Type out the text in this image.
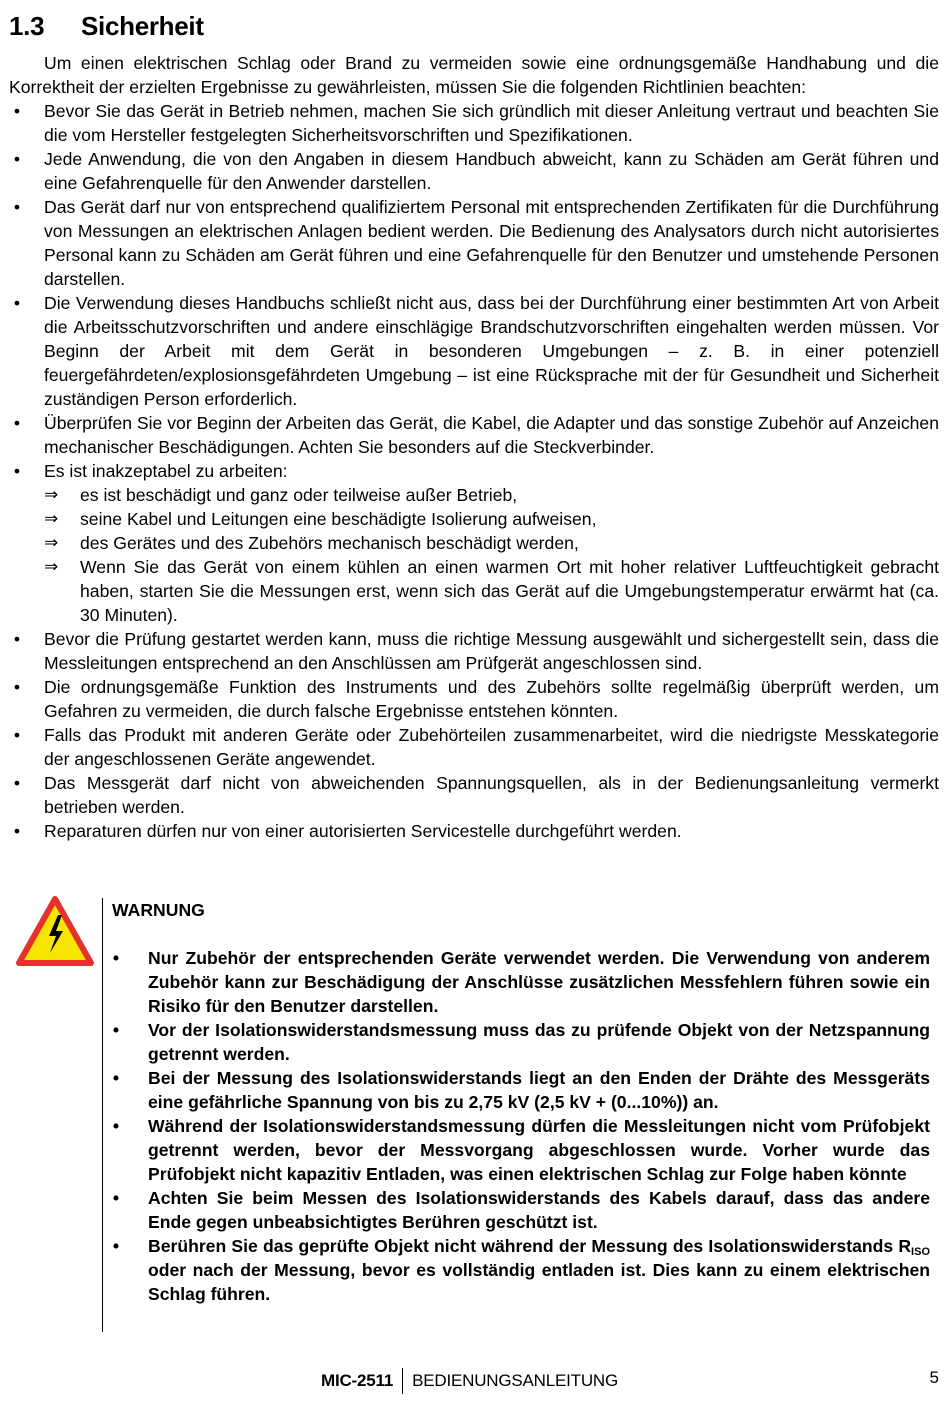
1.3 Sicherheit

Um einen elektrischen Schlag oder Brand zu vermeiden sowie eine ordnungsgemäße Handhabung und die Korrektheit der erzielten Ergebnisse zu gewährleisten, müssen Sie die folgenden Richtlinien beachten:

•	Bevor Sie das Gerät in Betrieb nehmen, machen Sie sich gründlich mit dieser Anleitung vertraut und beachten Sie die vom Hersteller festgelegten Sicherheitsvorschriften und Spezifikationen.
•	Jede Anwendung, die von den Angaben in diesem Handbuch abweicht, kann zu Schäden am Gerät führen und eine Gefahrenquelle für den Anwender darstellen.
•	Das Gerät darf nur von entsprechend qualifiziertem Personal mit entsprechenden Zertifikaten für die Durchführung von Messungen an elektrischen Anlagen bedient werden. Die Bedienung des Analysators durch nicht autorisiertes Personal kann zu Schäden am Gerät führen und eine Gefahrenquelle für den Benutzer und umstehende Personen darstellen.
•	Die Verwendung dieses Handbuchs schließt nicht aus, dass bei der Durchführung einer bestimmten Art von Arbeit die Arbeitsschutzvorschriften und andere einschlägige Brandschutzvorschriften eingehalten werden müssen. Vor Beginn der Arbeit mit dem Gerät in besonderen Umgebungen – z. B. in einer potenziell feuergefährdeten/explosionsgefährdeten Umgebung – ist eine Rücksprache mit der für Gesundheit und Sicherheit zuständigen Person erforderlich.
•	Überprüfen Sie vor Beginn der Arbeiten das Gerät, die Kabel, die Adapter und das sonstige Zubehör auf Anzeichen mechanischer Beschädigungen. Achten Sie besonders auf die Steckverbinder.
•	Es ist inakzeptabel zu arbeiten:
⇒	es ist beschädigt und ganz oder teilweise außer Betrieb,
⇒	seine Kabel und Leitungen eine beschädigte Isolierung aufweisen,
⇒	des Gerätes und des Zubehörs mechanisch beschädigt werden,
⇒	Wenn Sie das Gerät von einem kühlen an einen warmen Ort mit hoher relativer Luftfeuchtigkeit gebracht haben, starten Sie die Messungen erst, wenn sich das Gerät auf die Umgebungstemperatur erwärmt hat (ca. 30 Minuten).
•	Bevor die Prüfung gestartet werden kann, muss die richtige Messung ausgewählt und sichergestellt sein, dass die Messleitungen entsprechend an den Anschlüssen am Prüfgerät angeschlossen sind.
•	Die ordnungsgemäße Funktion des Instruments und des Zubehörs sollte regelmäßig überprüft werden, um Gefahren zu vermeiden, die durch falsche Ergebnisse entstehen könnten.
•	Falls das Produkt mit anderen Geräte oder Zubehörteilen zusammenarbeitet, wird die niedrigste Messkategorie der angeschlossenen Geräte angewendet.
•	Das Messgerät darf nicht von abweichenden Spannungsquellen, als in der Bedienungsanleitung vermerkt betrieben werden.
•	Reparaturen dürfen nur von einer autorisierten Servicestelle durchgeführt werden.

WARNUNG

•	Nur Zubehör der entsprechenden Geräte verwendet werden. Die Verwendung von anderem Zubehör kann zur Beschädigung der Anschlüsse zusätzlichen Messfehlern führen sowie ein Risiko für den Benutzer darstellen.
•	Vor der Isolationswiderstandsmessung muss das zu prüfende Objekt von der Netzspannung getrennt werden.
•	Bei der Messung des Isolationswiderstands liegt an den Enden der Drähte des Messgeräts eine gefährliche Spannung von bis zu 2,75 kV (2,5 kV + (0...10%)) an.
•	Während der Isolationswiderstandsmessung dürfen die Messleitungen nicht vom Prüfobjekt getrennt werden, bevor der Messvorgang abgeschlossen wurde. Vorher wurde das Prüfobjekt nicht kapazitiv Entladen, was einen elektrischen Schlag zur Folge haben könnte
•	Achten Sie beim Messen des Isolationswiderstands des Kabels darauf, dass das andere Ende gegen unbeabsichtigtes Berühren geschützt ist.
•	Berühren Sie das geprüfte Objekt nicht während der Messung des Isolationswiderstands $R_{ISO}$ oder nach der Messung, bevor es vollständig entladen ist. Dies kann zu einem elektrischen Schlag führen.
MIC-2511 BEDIENUNGSANLEITUNG	5
